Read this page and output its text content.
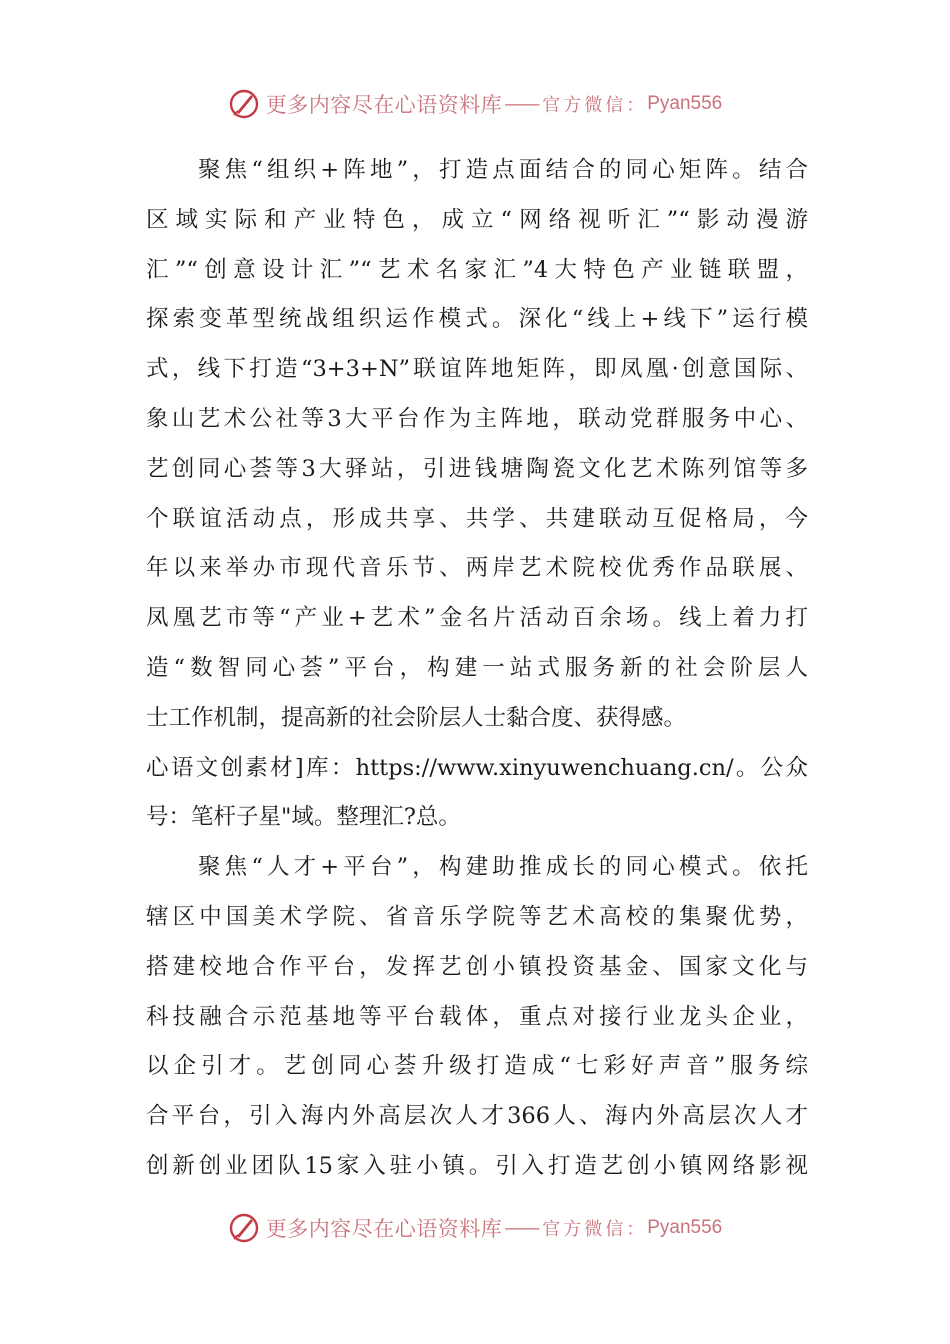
更多内容尽在心语资料库 —— 官方微信： Pyan556
聚焦“组织+阵地”，打造点面结合的同心矩阵。结合
区域实际和产业特色，成立“网络视听汇”“影动漫游
汇”“创意设计汇”“艺术名家汇”4大特色产业链联盟，
探索变革型统战组织运作模式。深化“线上+线下”运行模
式，线下打造“3+3+N”联谊阵地矩阵，即凤凰·创意国际、
象山艺术公社等3大平台作为主阵地，联动党群服务中心、
艺创同心荟等3大驿站，引进钱塘陶瓷文化艺术陈列馆等多
个联谊活动点，形成共享、共学、共建联动互促格局，今
年以来举办市现代音乐节、两岸艺术院校优秀作品联展、
凤凰艺市等“产业+艺术”金名片活动百余场。线上着力打
造“数智同心荟”平台，构建一站式服务新的社会阶层人
士工作机制，提高新的社会阶层人士黏合度、获得感。
心语文创素材]库：https://www.xinyuwenchuang.cn/。公众
号：笔杆子星"域。整理汇?总。
聚焦“人才+平台”，构建助推成长的同心模式。依托
辖区中国美术学院、省音乐学院等艺术高校的集聚优势，
搭建校地合作平台，发挥艺创小镇投资基金、国家文化与
科技融合示范基地等平台载体，重点对接行业龙头企业，
以企引才。艺创同心荟升级打造成“七彩好声音”服务综
合平台，引入海内外高层次人才366人、海内外高层次人才
创新创业团队15家入驻小镇。引入打造艺创小镇网络影视
更多内容尽在心语资料库 —— 官方微信： Pyan556
